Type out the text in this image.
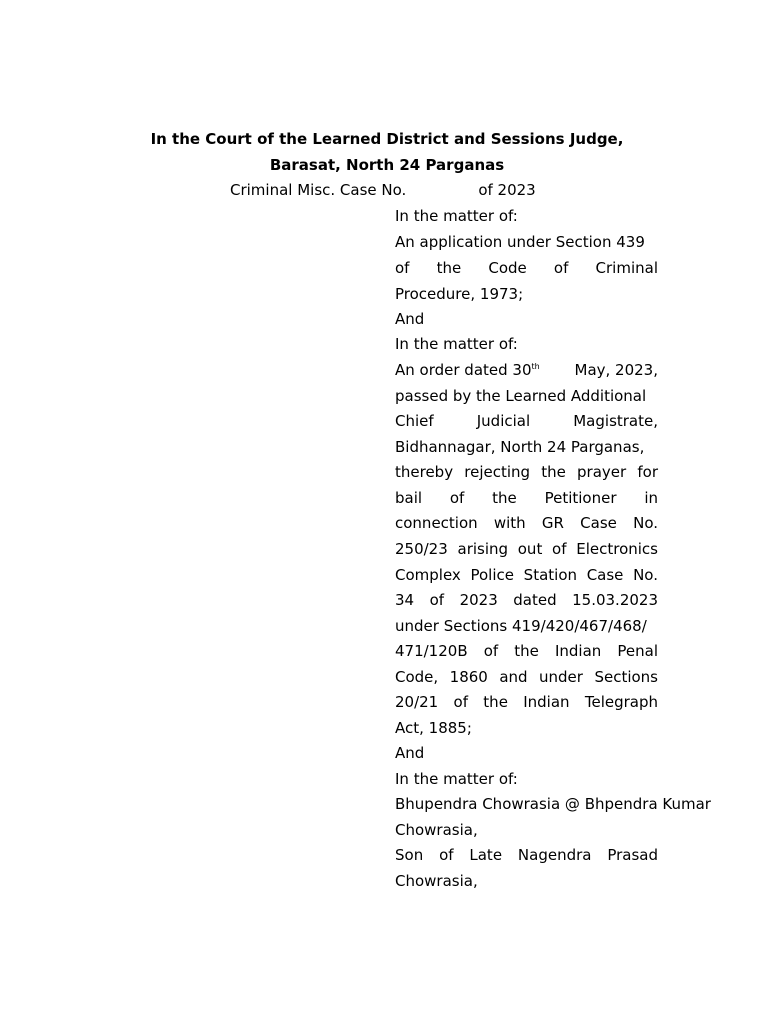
In the Court of the Learned District and Sessions Judge,
Barasat, North 24 Parganas
Criminal Misc. Case No.	of 2023
In the matter of:
An application under Section 439
of the Code of Criminal
Procedure, 1973;
And
In the matter of:
An order dated 30th May, 2023,
passed by the Learned Additional
Chief Judicial Magistrate,
Bidhannagar, North 24 Parganas,
thereby rejecting the prayer for
bail of the Petitioner in
connection with GR Case No.
250/23 arising out of Electronics
Complex Police Station Case No.
34 of 2023 dated 15.03.2023
under Sections 419/420/467/468/
471/120B of the Indian Penal
Code, 1860 and under Sections
20/21 of the Indian Telegraph
Act, 1885;
And
In the matter of:
Bhupendra Chowrasia @ Bhpendra Kumar
Chowrasia,
Son of Late Nagendra Prasad
Chowrasia,
